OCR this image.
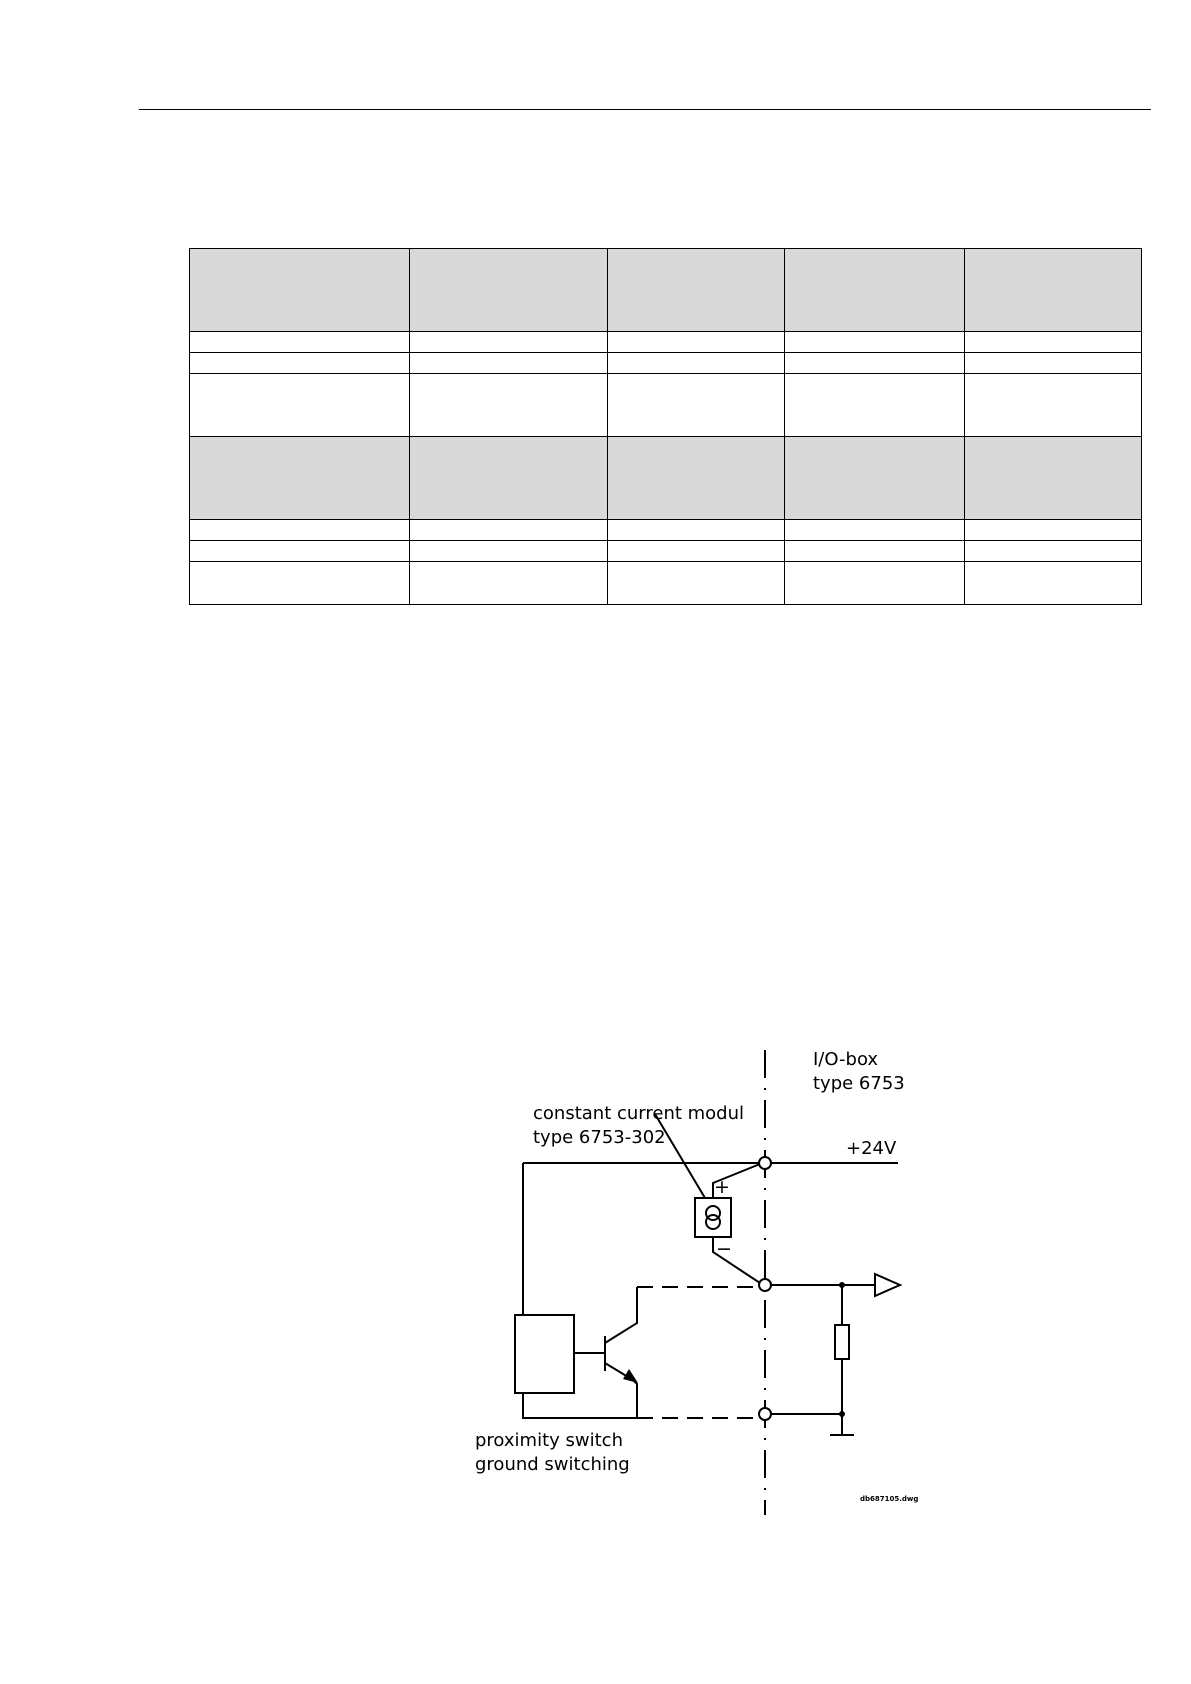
I/O-box
type 6753
constant current modul
type 6753-302
+24V
+
−
proximity switch
ground switching
db687105.dwg
